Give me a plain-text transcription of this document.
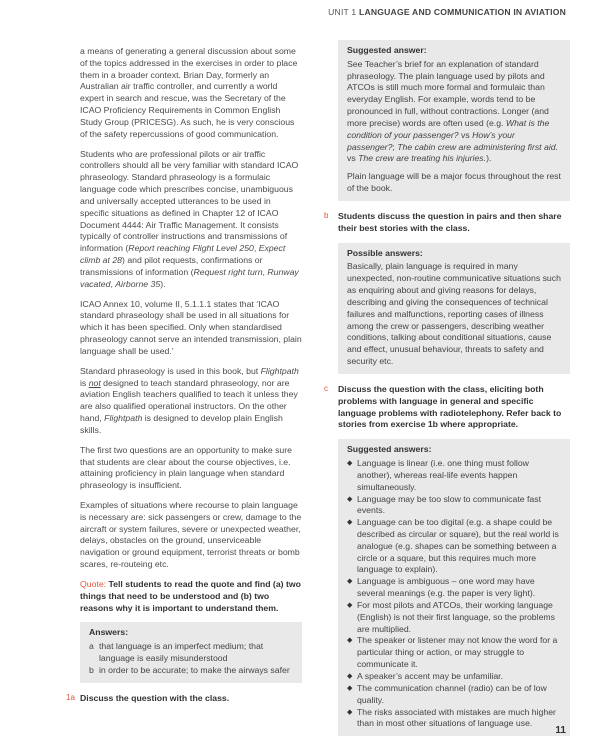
UNIT 1 LANGUAGE AND COMMUNICATION IN AVIATION

a means of generating a general discussion about some of the topics addressed in the exercises in order to place them in a broader context. Brian Day, formerly an Australian air traffic controller, and currently a world expert in search and rescue, was the Secretary of the ICAO Proficiency Requirements in Common English Study Group (PRICESG). As such, he is very conscious of the safety repercussions of good communication.

Students who are professional pilots or air traffic controllers should all be very familiar with standard ICAO phraseology. Standard phraseology is a formulaic language code which prescribes concise, unambiguous and universally accepted utterances to be used in specific situations as defined in Chapter 12 of ICAO Document 4444: Air Traffic Management. It consists typically of controller instructions and transmissions of information (Report reaching Flight Level 250, Expect climb at 28) and pilot requests, confirmations or transmissions of information (Request right turn, Runway vacated, Airborne 35).

ICAO Annex 10, volume II, 5.1.1.1 states that ‘ICAO standard phraseology shall be used in all situations for which it has been specified. Only when standardised phraseology cannot serve an intended transmission, plain language shall be used.’

Standard phraseology is used in this book, but Flightpath is not designed to teach standard phraseology, nor are aviation English teachers qualified to teach it unless they are also qualified operational instructors. On the other hand, Flightpath is designed to develop plain English skills.

The first two questions are an opportunity to make sure that students are clear about the course objectives, i.e. attaining proficiency in plain language when standard phraseology is insufficient.

Examples of situations where recourse to plain language is necessary are: sick passengers or crew, damage to the aircraft or system failures, severe or unexpected weather, delays, obstacles on the ground, unserviceable navigation or ground equipment, terrorist threats or bomb scares, re-routeing etc.

Quote: Tell students to read the quote and find (a) two things that need to be understood and (b) two reasons why it is important to understand them.

Answers:
a that language is an imperfect medium; that language is easily misunderstood
b in order to be accurate; to make the airways safer
1a Discuss the question with the class.
Suggested answer:

See Teacher’s brief for an explanation of standard phraseology. The plain language used by pilots and ATCOs is still much more formal and formulaic than everyday English. For example, words tend to be pronounced in full, without contractions. Longer (and more precise) words are often used (e.g. What is the condition of your passenger? vs How’s your passenger?; The cabin crew are administering first aid. vs The crew are treating his injuries.).

Plain language will be a major focus throughout the rest of the book.

b	Students discuss the question in pairs and then share their best stories with the class.
Possible answers:

Basically, plain language is required in many unexpected, non-routine communicative situations such as enquiring about and giving reasons for delays, describing and giving the consequences of technical failures and malfunctions, reporting cases of illness among the crew or passengers, describing weather conditions, talking about conditional situations, cause and effect, unusual behaviour, threats to safety and security etc.

c	Discuss the question with the class, eliciting both problems with language in general and specific language problems with radiotelephony. Refer back to stories from exercise 1b where appropriate.
Suggested answers:
◆ Language is linear (i.e. one thing must follow another), whereas real-life events happen simultaneously.
◆ Language may be too slow to communicate fast events.
◆ Language can be too digital (e.g. a shape could be described as circular or square), but the real world is analogue (e.g. shapes can be something between a circle or a square, but this requires much more language to explain).
◆ Language is ambiguous – one word may have several meanings (e.g. the paper is very light).
◆ For most pilots and ATCOs, their working language (English) is not their first language, so the problems are multiplied.
◆ The speaker or listener may not know the word for a particular thing or action, or may struggle to communicate it.
◆ A speaker’s accent may be unfamiliar.
◆ The communication channel (radio) can be of low quality.
◆ The risks associated with mistakes are much higher than in most other situations of language use.
11
